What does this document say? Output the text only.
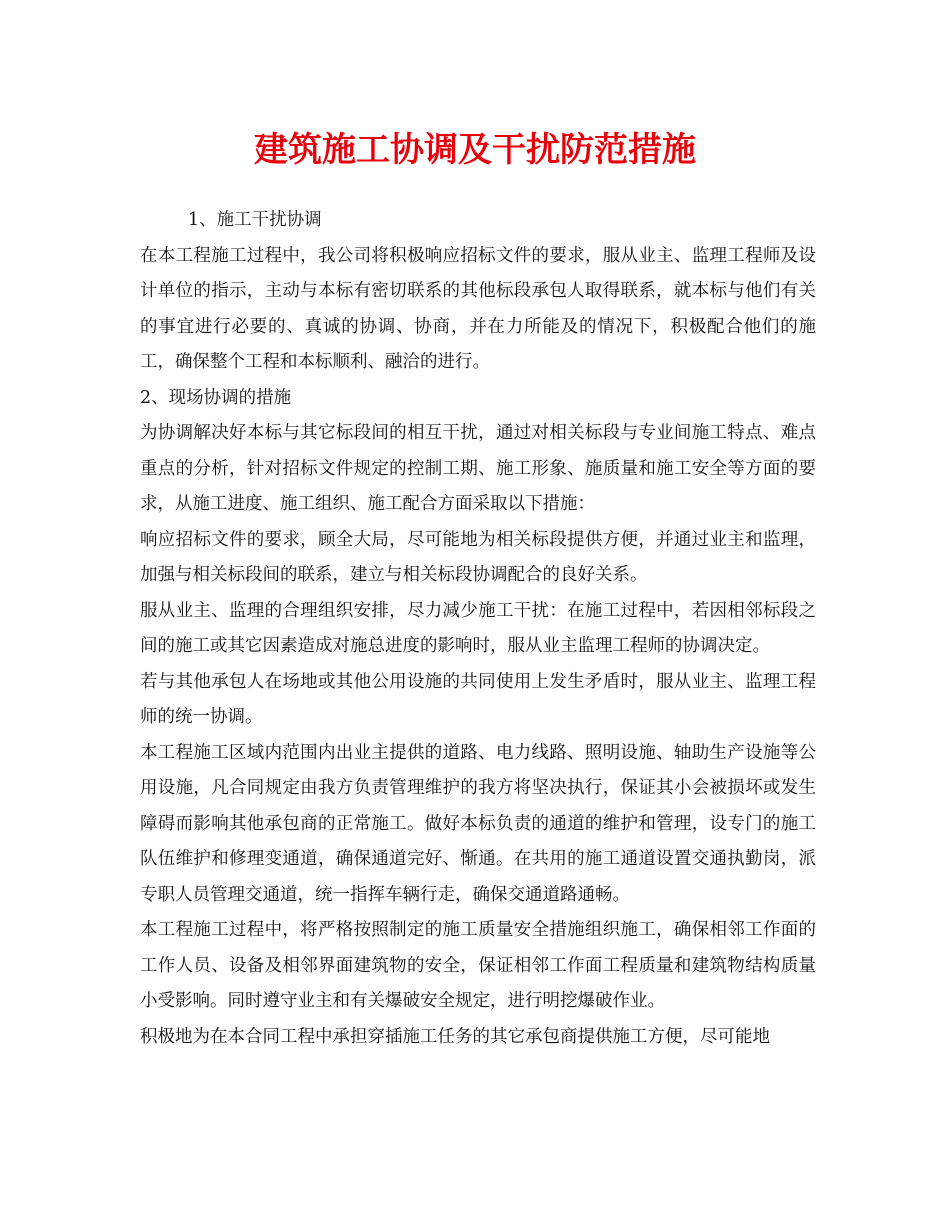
建筑施工协调及干扰防范措施

1、施工干扰协调

在本工程施工过程中，我公司将积极响应招标文件的要求，服从业主、监理工程师及设计单位的指示，主动与本标有密切联系的其他标段承包人取得联系，就本标与他们有关的事宜进行必要的、真诚的协调、协商，并在力所能及的情况下，积极配合他们的施工，确保整个工程和本标顺利、融洽的进行。

2、现场协调的措施

为协调解决好本标与其它标段间的相互干扰，通过对相关标段与专业间施工特点、难点重点的分析，针对招标文件规定的控制工期、施工形象、施质量和施工安全等方面的要求，从施工进度、施工组织、施工配合方面采取以下措施：

响应招标文件的要求，顾全大局，尽可能地为相关标段提供方便，并通过业主和监理，加强与相关标段间的联系，建立与相关标段协调配合的良好关系。

服从业主、监理的合理组织安排，尽力减少施工干扰：在施工过程中，若因相邻标段之间的施工或其它因素造成对施总进度的影响时，服从业主监理工程师的协调决定。

若与其他承包人在场地或其他公用设施的共同使用上发生矛盾时，服从业主、监理工程师的统一协调。

本工程施工区域内范围内出业主提供的道路、电力线路、照明设施、轴助生产设施等公用设施，凡合同规定由我方负责管理维护的我方将坚决执行，保证其小会被损坏或发生障碍而影响其他承包商的正常施工。做好本标负责的通道的维护和管理，设专门的施工队伍维护和修理变通道，确保通道完好、惭通。在共用的施工通道设置交通执勤岗，派专职人员管理交通道，统一指挥车辆行走，确保交通道路通畅。

本工程施工过程中，将严格按照制定的施工质量安全措施组织施工，确保相邻工作面的工作人员、设备及相邻界面建筑物的安全，保证相邻工作面工程质量和建筑物结构质量小受影响。同时遵守业主和有关爆破安全规定，进行明挖爆破作业。

积极地为在本合同工程中承担穿插施工任务的其它承包商提供施工方便，尽可能地
